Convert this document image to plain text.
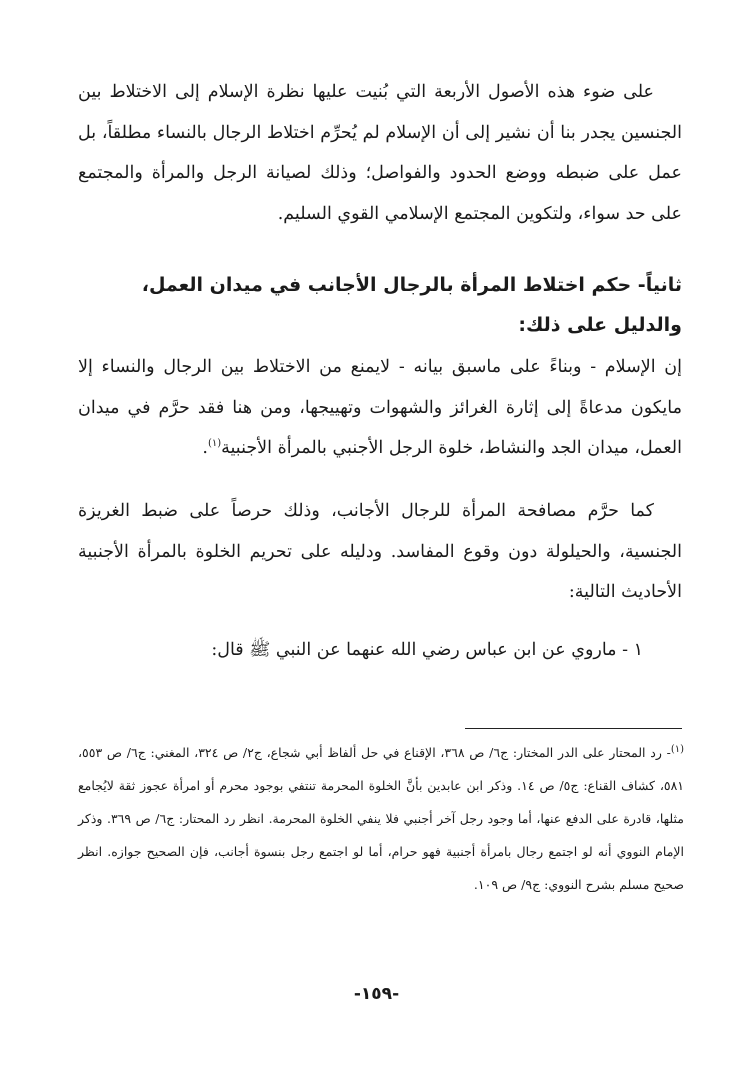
على ضوء هذه الأصول الأربعة التي بُنيت عليها نظرة الإسلام إلى الاختلاط بين الجنسين يجدر بنا أن نشير إلى أن الإسلام لم يُحرِّم اختلاط الرجال بالنساء مطلقاً، بل عمل على ضبطه ووضع الحدود والفواصل؛ وذلك لصيانة الرجل والمرأة والمجتمع على حد سواء، ولتكوين المجتمع الإسلامي القوي السليم.

ثانياً- حكم اختلاط المرأة بالرجال الأجانب في ميدان العمل، والدليل على ذلك:

إن الإسلام - وبناءً على ماسبق بيانه - لايمنع من الاختلاط بين الرجال والنساء إلا مايكون مدعاةً إلى إثارة الغرائز والشهوات وتهييجها، ومن هنا فقد حرَّم في ميدان العمل، ميدان الجد والنشاط، خلوة الرجل الأجنبي بالمرأة الأجنبية$^{(١)}$.

كما حرَّم مصافحة المرأة للرجال الأجانب، وذلك حرصاً على ضبط الغريزة الجنسية، والحيلولة دون وقوع المفاسد. ودليله على تحريم الخلوة بالمرأة الأجنبية الأحاديث التالية:

١ - ماروي عن ابن عباس رضي الله عنهما عن النبي ﷺ قال:

$^{(١)}$- رد المحتار على الدر المختار: ج٦/ ص ٣٦٨، الإقناع في حل ألفاظ أبي شجاع، ج٢/ ص ٣٢٤، المغني: ج٦/ ص ٥٥٣، ٥٨١، كشاف القناع: ج٥/ ص ١٤. وذكر ابن عابدين بأنَّ الخلوة المحرمة تنتفي بوجود محرم أو امرأة عجوز ثقة لايُجامع مثلها، قادرة على الدفع عنها، أما وجود رجل آخر أجنبي فلا ينفي الخلوة المحرمة. انظر رد المحتار: ج٦/ ص ٣٦٩. وذكر الإمام النووي أنه لو اجتمع رجال بامرأة أجنبية فهو حرام، أما لو اجتمع رجل بنسوة أجانب، فإن الصحيح جوازه. انظر صحيح مسلم بشرح النووي: ج٩/ ص ١٠٩.

-١٥٩-
